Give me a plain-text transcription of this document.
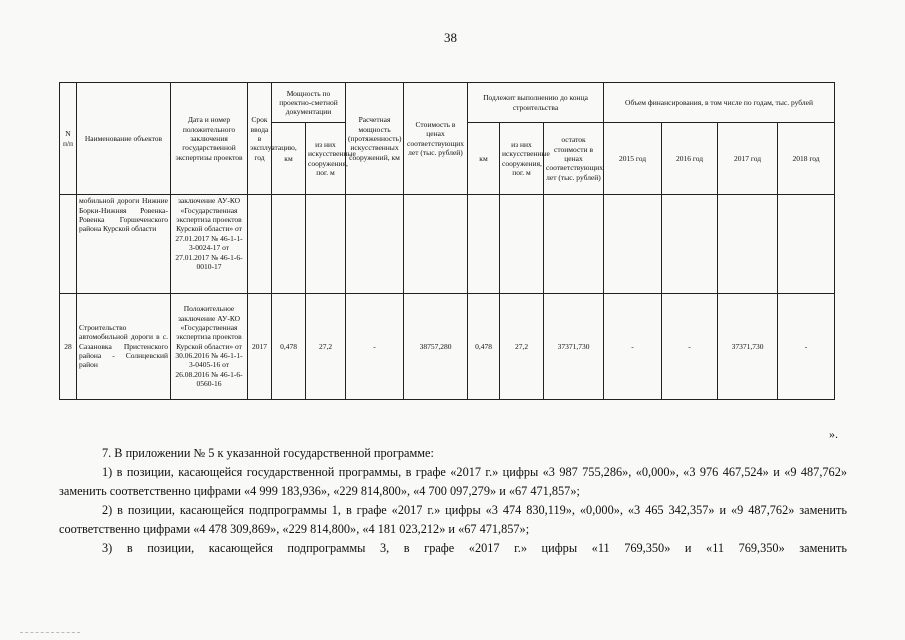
38
N п/п	Наименование объектов	Дата и номер положительного заключения государственной экспертизы проектов	Срок ввода в эксплуатацию, год	Мощность по проектно-сметной документации		Расчетная мощность (протяженность) искусственных сооружений, км	Стоимость в ценах соответствующих лет (тыс. рублей)	Подлежит выполнению до конца строительства			Объем финансирования, в том числе по годам, тыс. рублей			
				км	из них искусственные сооружения, пог. м			км	из них искусственные сооружения, пог. м	остаток стоимости в ценах соответствующих лет (тыс. рублей)	2015 год	2016 год	2017 год	2018 год
	мобильной дороги Нижние Борки-Нижняя Ровенка-Ровенка Горшеченского района Курской области	заключение АУ-КО «Государственная экспертиза проектов Курской области» от 27.01.2017 № 46-1-1-3-0024-17 от 27.01.2017 № 46-1-6-0010-17												
28	Строительство автомобильной дороги в с. Сазановка Пристенского района - Солнцевский район	Положительное заключение АУ-КО «Государственная экспертиза проектов Курской области» от 30.06.2016 № 46-1-1-3-0405-16 от 26.08.2016 № 46-1-6-0560-16	2017	0,478	27,2	-	38757,280	0,478	27,2	37371,730	-	-	37371,730	-
».

7. В приложении № 5 к указанной государственной программе:

1) в позиции, касающейся государственной программы, в графе «2017 г.» цифры «3 987 755,286», «0,000», «3 976 467,524» и «9 487,762» заменить соответственно цифрами «4 999 183,936», «229 814,800», «4 700 097,279» и «67 471,857»;

2) в позиции, касающейся подпрограммы 1, в графе «2017 г.» цифры «3 474 830,119», «0,000», «3 465 342,357» и «9 487,762» заменить соответственно цифрами «4 478 309,869», «229 814,800», «4 181 023,212» и «67 471,857»;

3) в позиции, касающейся подпрограммы 3, в графе «2017 г.» цифры «11 769,350» и «11 769,350» заменить
